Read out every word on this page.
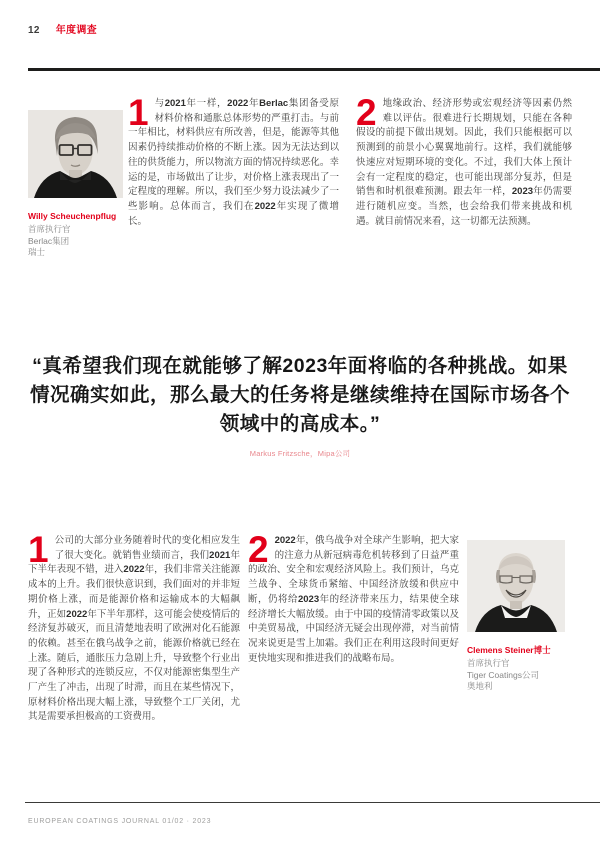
12 年度调查
Willy Scheuchenpflug
首席执行官
Berlac集团
瑞士

1 与2021年一样，2022年Berlac集团备受原材料价格和通胀总体形势的严重打击。与前一年相比，材料供应有所改善，但是，能源等其他因素仍持续推动价格的不断上涨。因为无法达到以往的供货能力，所以物流方面的情况持续恶化。幸运的是，市场做出了让步，对价格上涨表现出了一定程度的理解。所以，我们至少努力设法减少了一些影响。总体而言，我们在2022年实现了微增长。

2 地缘政治、经济形势或宏观经济等因素仍然难以评估。很难进行长期规划，只能在各种假设的前提下做出规划。因此，我们只能根据可以预测到的前景小心翼翼地前行。这样，我们就能够快速应对短期环境的变化。不过，我们大体上预计会有一定程度的稳定，也可能出现部分复苏，但是销售和时机很难预测。跟去年一样，2023年仍需要进行随机应变。当然，也会给我们带来挑战和机遇。就目前情况来看，这一切都无法预测。

“真希望我们现在就能够了解2023年面将临的各种挑战。如果情况确实如此，那么最大的任务将是继续维持在国际市场各个领域中的高成本。”

Markus Fritzsche，Mipa公司

1 公司的大部分业务随着时代的变化相应发生了很大变化。就销售业绩而言，我们2021年下半年表现不错，进入2022年，我们非常关注能源成本的上升。我们很快意识到，我们面对的并非短期价格上涨，而是能源价格和运输成本的大幅飙升，正如2022年下半年那样，这可能会使疫情后的经济复苏破灭，而且清楚地表明了欧洲对化石能源的依赖。甚至在俄乌战争之前，能源价格就已经在上涨。随后，通胀压力急剧上升，导致整个行业出现了各种形式的连锁反应，不仅对能源密集型生产厂产生了冲击，出现了时滞，而且在某些情况下，原材料价格出现大幅上涨，导致整个工厂关闭，尤其是需要承担极高的工资费用。

2 2022年，俄乌战争对全球产生影响，把大家的注意力从新冠病毒危机转移到了日益严重的政治、安全和宏观经济风险上。我们预计，乌克兰战争、全球货币紧缩、中国经济放缓和供应中断，仍将给2023年的经济带来压力，结果使全球经济增长大幅放缓。由于中国的疫情清零政策以及中美贸易战，中国经济无疑会出现停滞，对当前情况来说更是雪上加霜。我们正在利用这段时间更好更快地实现和推进我们的战略布局。

Clemens Steiner博士
首席执行官
Tiger Coatings公司
奥地利
EUROPEAN COATINGS JOURNAL 01/02 · 2023
